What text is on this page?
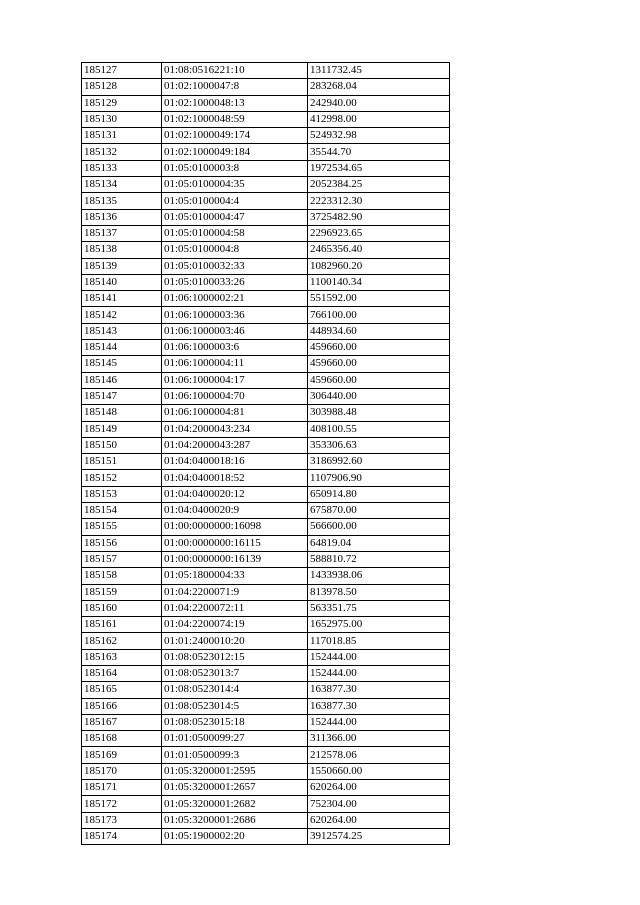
185127	01:08:0516221:10	1311732.45
185128	01:02:1000047:8	283268.04
185129	01:02:1000048:13	242940.00
185130	01:02:1000048:59	412998.00
185131	01:02:1000049:174	524932.98
185132	01:02:1000049:184	35544.70
185133	01:05:0100003:8	1972534.65
185134	01:05:0100004:35	2052384.25
185135	01:05:0100004:4	2223312.30
185136	01:05:0100004:47	3725482.90
185137	01:05:0100004:58	2296923.65
185138	01:05:0100004:8	2465356.40
185139	01:05:0100032:33	1082960.20
185140	01:05:0100033:26	1100140.34
185141	01:06:1000002:21	551592.00
185142	01:06:1000003:36	766100.00
185143	01:06:1000003:46	448934.60
185144	01:06:1000003:6	459660.00
185145	01:06:1000004:11	459660.00
185146	01:06:1000004:17	459660.00
185147	01:06:1000004:70	306440.00
185148	01:06:1000004:81	303988.48
185149	01:04:2000043:234	408100.55
185150	01:04:2000043:287	353306.63
185151	01:04:0400018:16	3186992.60
185152	01:04:0400018:52	1107906.90
185153	01:04:0400020:12	650914.80
185154	01:04:0400020:9	675870.00
185155	01:00:0000000:16098	566600.00
185156	01:00:0000000:16115	64819.04
185157	01:00:0000000:16139	588810.72
185158	01:05:1800004:33	1433938.06
185159	01:04:2200071:9	813978.50
185160	01:04:2200072:11	563351.75
185161	01:04:2200074:19	1652975.00
185162	01:01:2400010:20	117018.85
185163	01:08:0523012:15	152444.00
185164	01:08:0523013:7	152444.00
185165	01:08:0523014:4	163877.30
185166	01:08:0523014:5	163877.30
185167	01:08:0523015:18	152444.00
185168	01:01:0500099:27	311366.00
185169	01:01:0500099:3	212578.06
185170	01:05:3200001:2595	1550660.00
185171	01:05:3200001:2657	620264.00
185172	01:05:3200001:2682	752304.00
185173	01:05:3200001:2686	620264.00
185174	01:05:1900002:20	3912574.25
